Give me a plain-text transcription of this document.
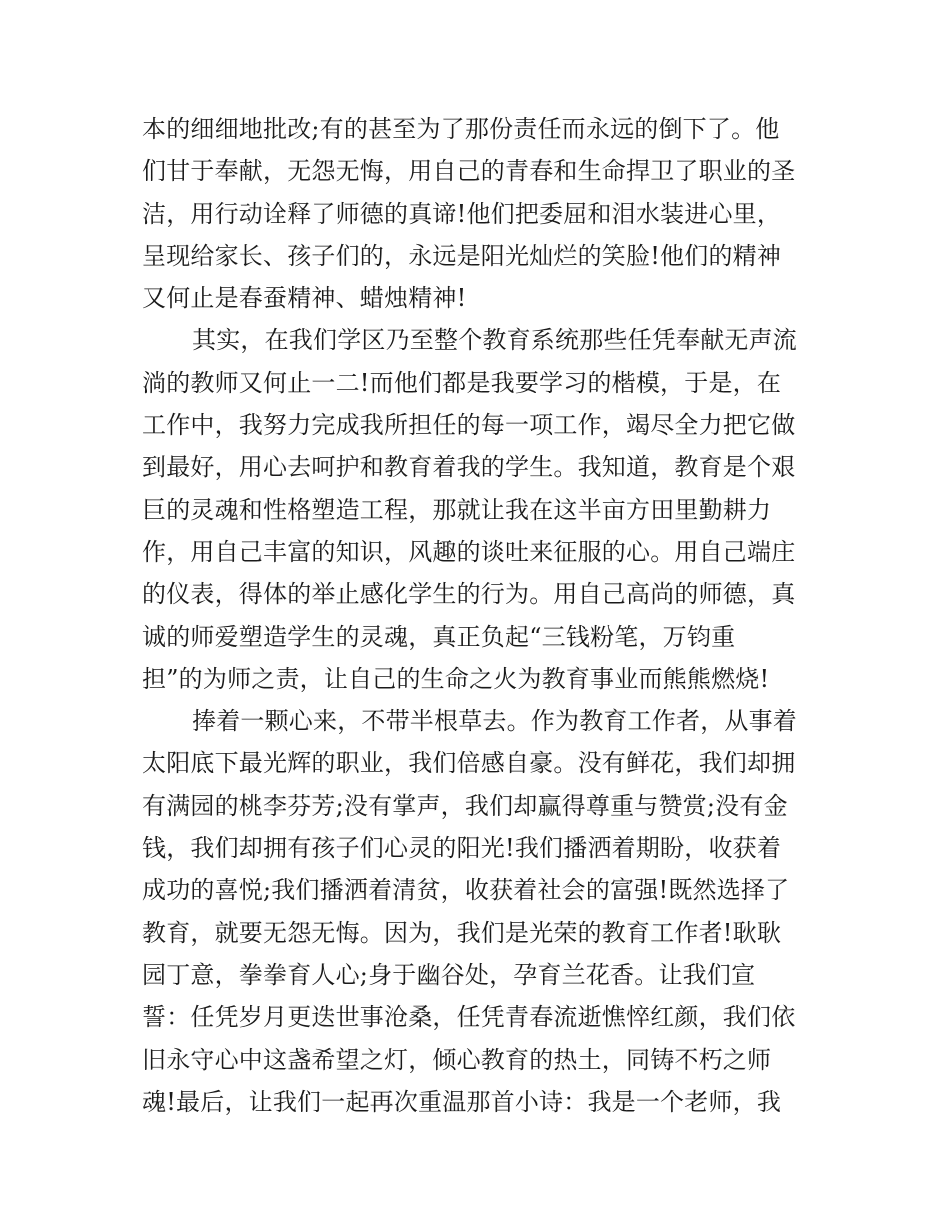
本的细细地批改;有的甚至为了那份责任而永远的倒下了。他
们甘于奉献，无怨无悔，用自己的青春和生命捍卫了职业的圣
洁，用行动诠释了师德的真谛!他们把委屈和泪水装进心里，
呈现给家长、孩子们的，永远是阳光灿烂的笑脸!他们的精神
又何止是春蚕精神、蜡烛精神!
其实，在我们学区乃至整个教育系统那些任凭奉献无声流
淌的教师又何止一二!而他们都是我要学习的楷模，于是，在
工作中，我努力完成我所担任的每一项工作，竭尽全力把它做
到最好，用心去呵护和教育着我的学生。我知道，教育是个艰
巨的灵魂和性格塑造工程，那就让我在这半亩方田里勤耕力
作，用自己丰富的知识，风趣的谈吐来征服的心。用自己端庄
的仪表，得体的举止感化学生的行为。用自己高尚的师德，真
诚的师爱塑造学生的灵魂，真正负起“三钱粉笔，万钧重
担”的为师之责，让自己的生命之火为教育事业而熊熊燃烧!
捧着一颗心来，不带半根草去。作为教育工作者，从事着
太阳底下最光辉的职业，我们倍感自豪。没有鲜花，我们却拥
有满园的桃李芬芳;没有掌声，我们却赢得尊重与赞赏;没有金
钱，我们却拥有孩子们心灵的阳光!我们播洒着期盼，收获着
成功的喜悦;我们播洒着清贫，收获着社会的富强!既然选择了
教育，就要无怨无悔。因为，我们是光荣的教育工作者!耿耿
园丁意，拳拳育人心;身于幽谷处，孕育兰花香。让我们宣
誓：任凭岁月更迭世事沧桑，任凭青春流逝憔悴红颜，我们依
旧永守心中这盏希望之灯，倾心教育的热土，同铸不朽之师
魂!最后，让我们一起再次重温那首小诗：我是一个老师，我
